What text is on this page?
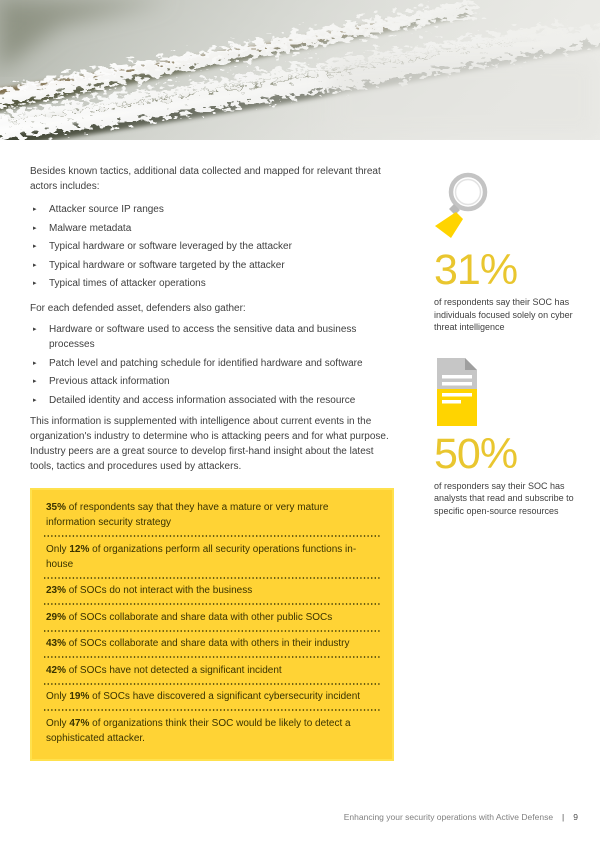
Besides known tactics, additional data collected and mapped for relevant threat actors includes:

▸ Attacker source IP ranges
▸ Malware metadata
▸ Typical hardware or software leveraged by the attacker
▸ Typical hardware or software targeted by the attacker
▸ Typical times of attacker operations

For each defended asset, defenders also gather:

▸ Hardware or software used to access the sensitive data and business processes
▸ Patch level and patching schedule for identified hardware and software
▸ Previous attack information
▸ Detailed identity and access information associated with the resource

This information is supplemented with intelligence about current events in the organization's industry to determine who is attacking peers and for what purpose. Industry peers are a great source to develop first-hand insight about the latest tools, tactics and procedures used by attackers.

35% of respondents say that they have a mature or very mature information security strategy
Only 12% of organizations perform all security operations functions in-house
23% of SOCs do not interact with the business
29% of SOCs collaborate and share data with other public SOCs
43% of SOCs collaborate and share data with others in their industry
42% of SOCs have not detected a significant incident
Only 19% of SOCs have discovered a significant cybersecurity incident
Only 47% of organizations think their SOC would be likely to detect a sophisticated attacker.
31%
of respondents say their SOC has individuals focused solely on cyber threat intelligence
50%
of responders say their SOC has analysts that read and subscribe to specific open-source resources
Enhancing your security operations with Active Defense | 9
